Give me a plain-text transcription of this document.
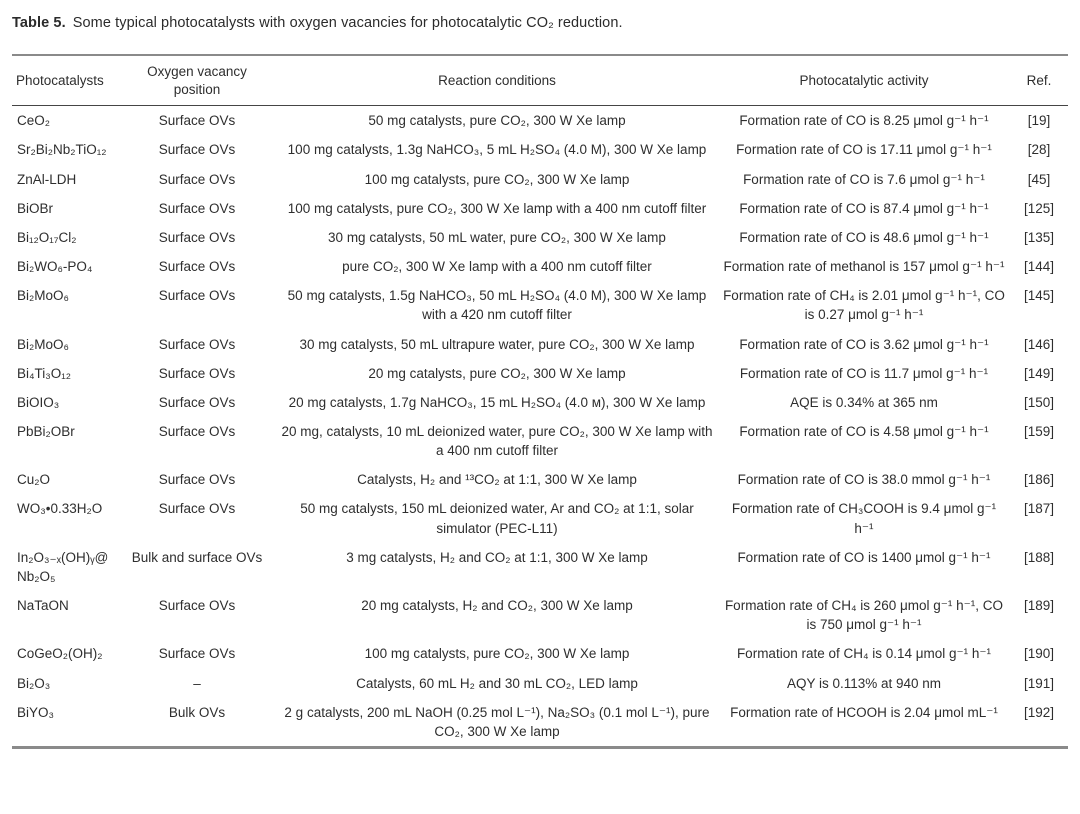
Table 5. Some typical photocatalysts with oxygen vacancies for photocatalytic CO₂ reduction.
Photocatalysts	Oxygen vacancy position	Reaction conditions	Photocatalytic activity	Ref.
CeO₂	Surface OVs	50 mg catalysts, pure CO₂, 300 W Xe lamp	Formation rate of CO is 8.25 μmol g⁻¹ h⁻¹	[19]
Sr₂Bi₂Nb₂TiO₁₂	Surface OVs	100 mg catalysts, 1.3g NaHCO₃, 5 mL H₂SO₄ (4.0 M), 300 W Xe lamp	Formation rate of CO is 17.11 μmol g⁻¹ h⁻¹	[28]
ZnAl-LDH	Surface OVs	100 mg catalysts, pure CO₂, 300 W Xe lamp	Formation rate of CO is 7.6 μmol g⁻¹ h⁻¹	[45]
BiOBr	Surface OVs	100 mg catalysts, pure CO₂, 300 W Xe lamp with a 400 nm cutoff filter	Formation rate of CO is 87.4 μmol g⁻¹ h⁻¹	[125]
Bi₁₂O₁₇Cl₂	Surface OVs	30 mg catalysts, 50 mL water, pure CO₂, 300 W Xe lamp	Formation rate of CO is 48.6 μmol g⁻¹ h⁻¹	[135]
Bi₂WO₆-PO₄	Surface OVs	pure CO₂, 300 W Xe lamp with a 400 nm cutoff filter	Formation rate of methanol is 157 μmol g⁻¹ h⁻¹	[144]
Bi₂MoO₆	Surface OVs	50 mg catalysts, 1.5g NaHCO₃, 50 mL H₂SO₄ (4.0 M), 300 W Xe lamp with a 420 nm cutoff filter	Formation rate of CH₄ is 2.01 μmol g⁻¹ h⁻¹, CO is 0.27 μmol g⁻¹ h⁻¹	[145]
Bi₂MoO₆	Surface OVs	30 mg catalysts, 50 mL ultrapure water, pure CO₂, 300 W Xe lamp	Formation rate of CO is 3.62 μmol g⁻¹ h⁻¹	[146]
Bi₄Ti₃O₁₂	Surface OVs	20 mg catalysts, pure CO₂, 300 W Xe lamp	Formation rate of CO is 11.7 μmol g⁻¹ h⁻¹	[149]
BiOIO₃	Surface OVs	20 mg catalysts, 1.7g NaHCO₃, 15 mL H₂SO₄ (4.0 ᴍ), 300 W Xe lamp	AQE is 0.34% at 365 nm	[150]
PbBi₂OBr	Surface OVs	20 mg, catalysts, 10 mL deionized water, pure CO₂, 300 W Xe lamp with a 400 nm cutoff filter	Formation rate of CO is 4.58 μmol g⁻¹ h⁻¹	[159]
Cu₂O	Surface OVs	Catalysts, H₂ and ¹³CO₂ at 1:1, 300 W Xe lamp	Formation rate of CO is 38.0 mmol g⁻¹ h⁻¹	[186]
WO₃•0.33H₂O	Surface OVs	50 mg catalysts, 150 mL deionized water, Ar and CO₂ at 1:1, solar simulator (PEC-L11)	Formation rate of CH₃COOH is 9.4 μmol g⁻¹ h⁻¹	[187]
In₂O₃₋ₓ(OH)ᵧ@Nb₂O₅	Bulk and surface OVs	3 mg catalysts, H₂ and CO₂ at 1:1, 300 W Xe lamp	Formation rate of CO is 1400 μmol g⁻¹ h⁻¹	[188]
NaTaON	Surface OVs	20 mg catalysts, H₂ and CO₂, 300 W Xe lamp	Formation rate of CH₄ is 260 μmol g⁻¹ h⁻¹, CO is 750 μmol g⁻¹ h⁻¹	[189]
CoGeO₂(OH)₂	Surface OVs	100 mg catalysts, pure CO₂, 300 W Xe lamp	Formation rate of CH₄ is 0.14 μmol g⁻¹ h⁻¹	[190]
Bi₂O₃	–	Catalysts, 60 mL H₂ and 30 mL CO₂, LED lamp	AQY is 0.113% at 940 nm	[191]
BiYO₃	Bulk OVs	2 g catalysts, 200 mL NaOH (0.25 mol L⁻¹), Na₂SO₃ (0.1 mol L⁻¹), pure CO₂, 300 W Xe lamp	Formation rate of HCOOH is 2.04 μmol mL⁻¹	[192]
